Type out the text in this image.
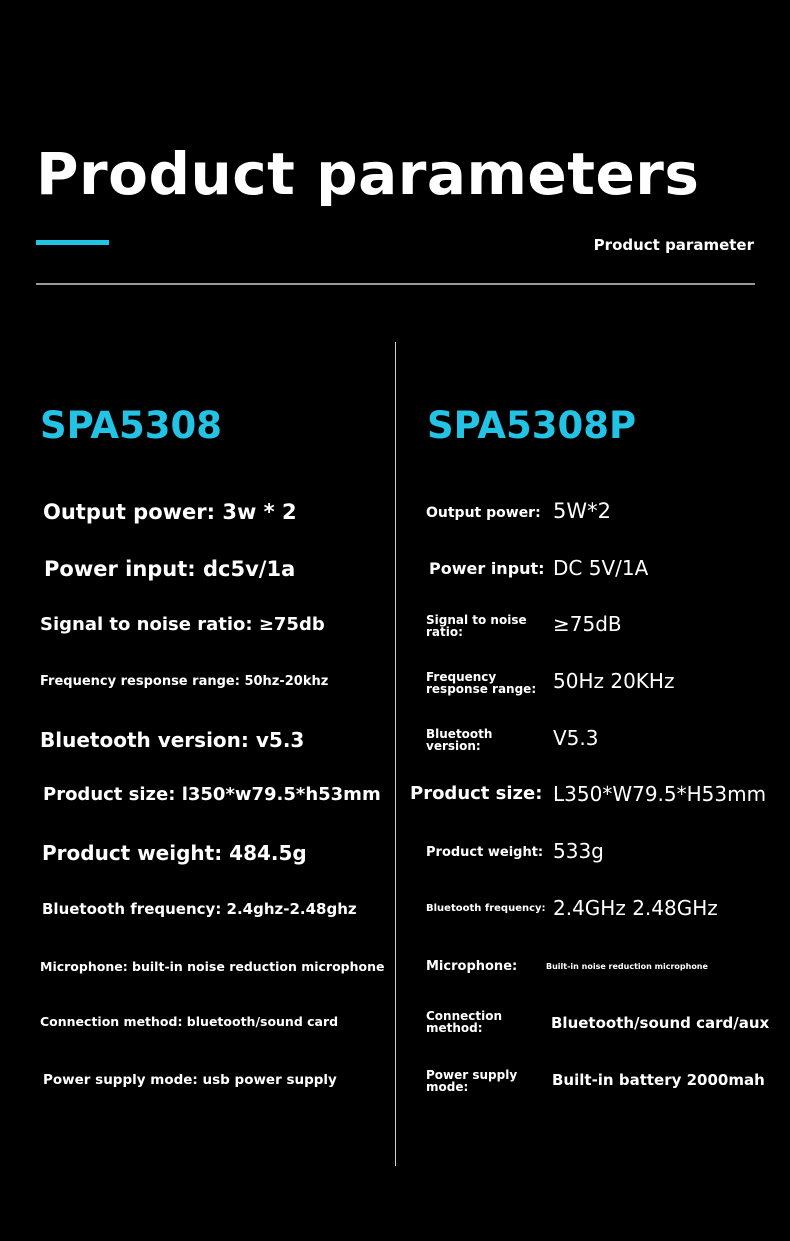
Product parameters
Product parameter
SPA5308
Output power: 3w * 2
Power input: dc5v/1a
Signal to noise ratio: ≥75db
Frequency response range: 50hz-20khz
Bluetooth version: v5.3
Product size: l350*w79.5*h53mm
Product weight: 484.5g
Bluetooth frequency: 2.4ghz-2.48ghz
Microphone: built-in noise reduction microphone
Connection method: bluetooth/sound card
Power supply mode: usb power supply
SPA5308P
Output power: 5W*2
Power input: DC 5V/1A
Signal to noise ratio:	≥75dB
Frequency response range: 50Hz 20KHz
Bluetooth version:	V5.3
Product size: L350*W79.5*H53mm
Product weight: 533g
Bluetooth frequency: 2.4GHz 2.48GHz
Microphone:	Built-in noise reduction microphone
Connection method:	Bluetooth/sound card/aux
Power supply mode:	Built-in battery 2000mah
